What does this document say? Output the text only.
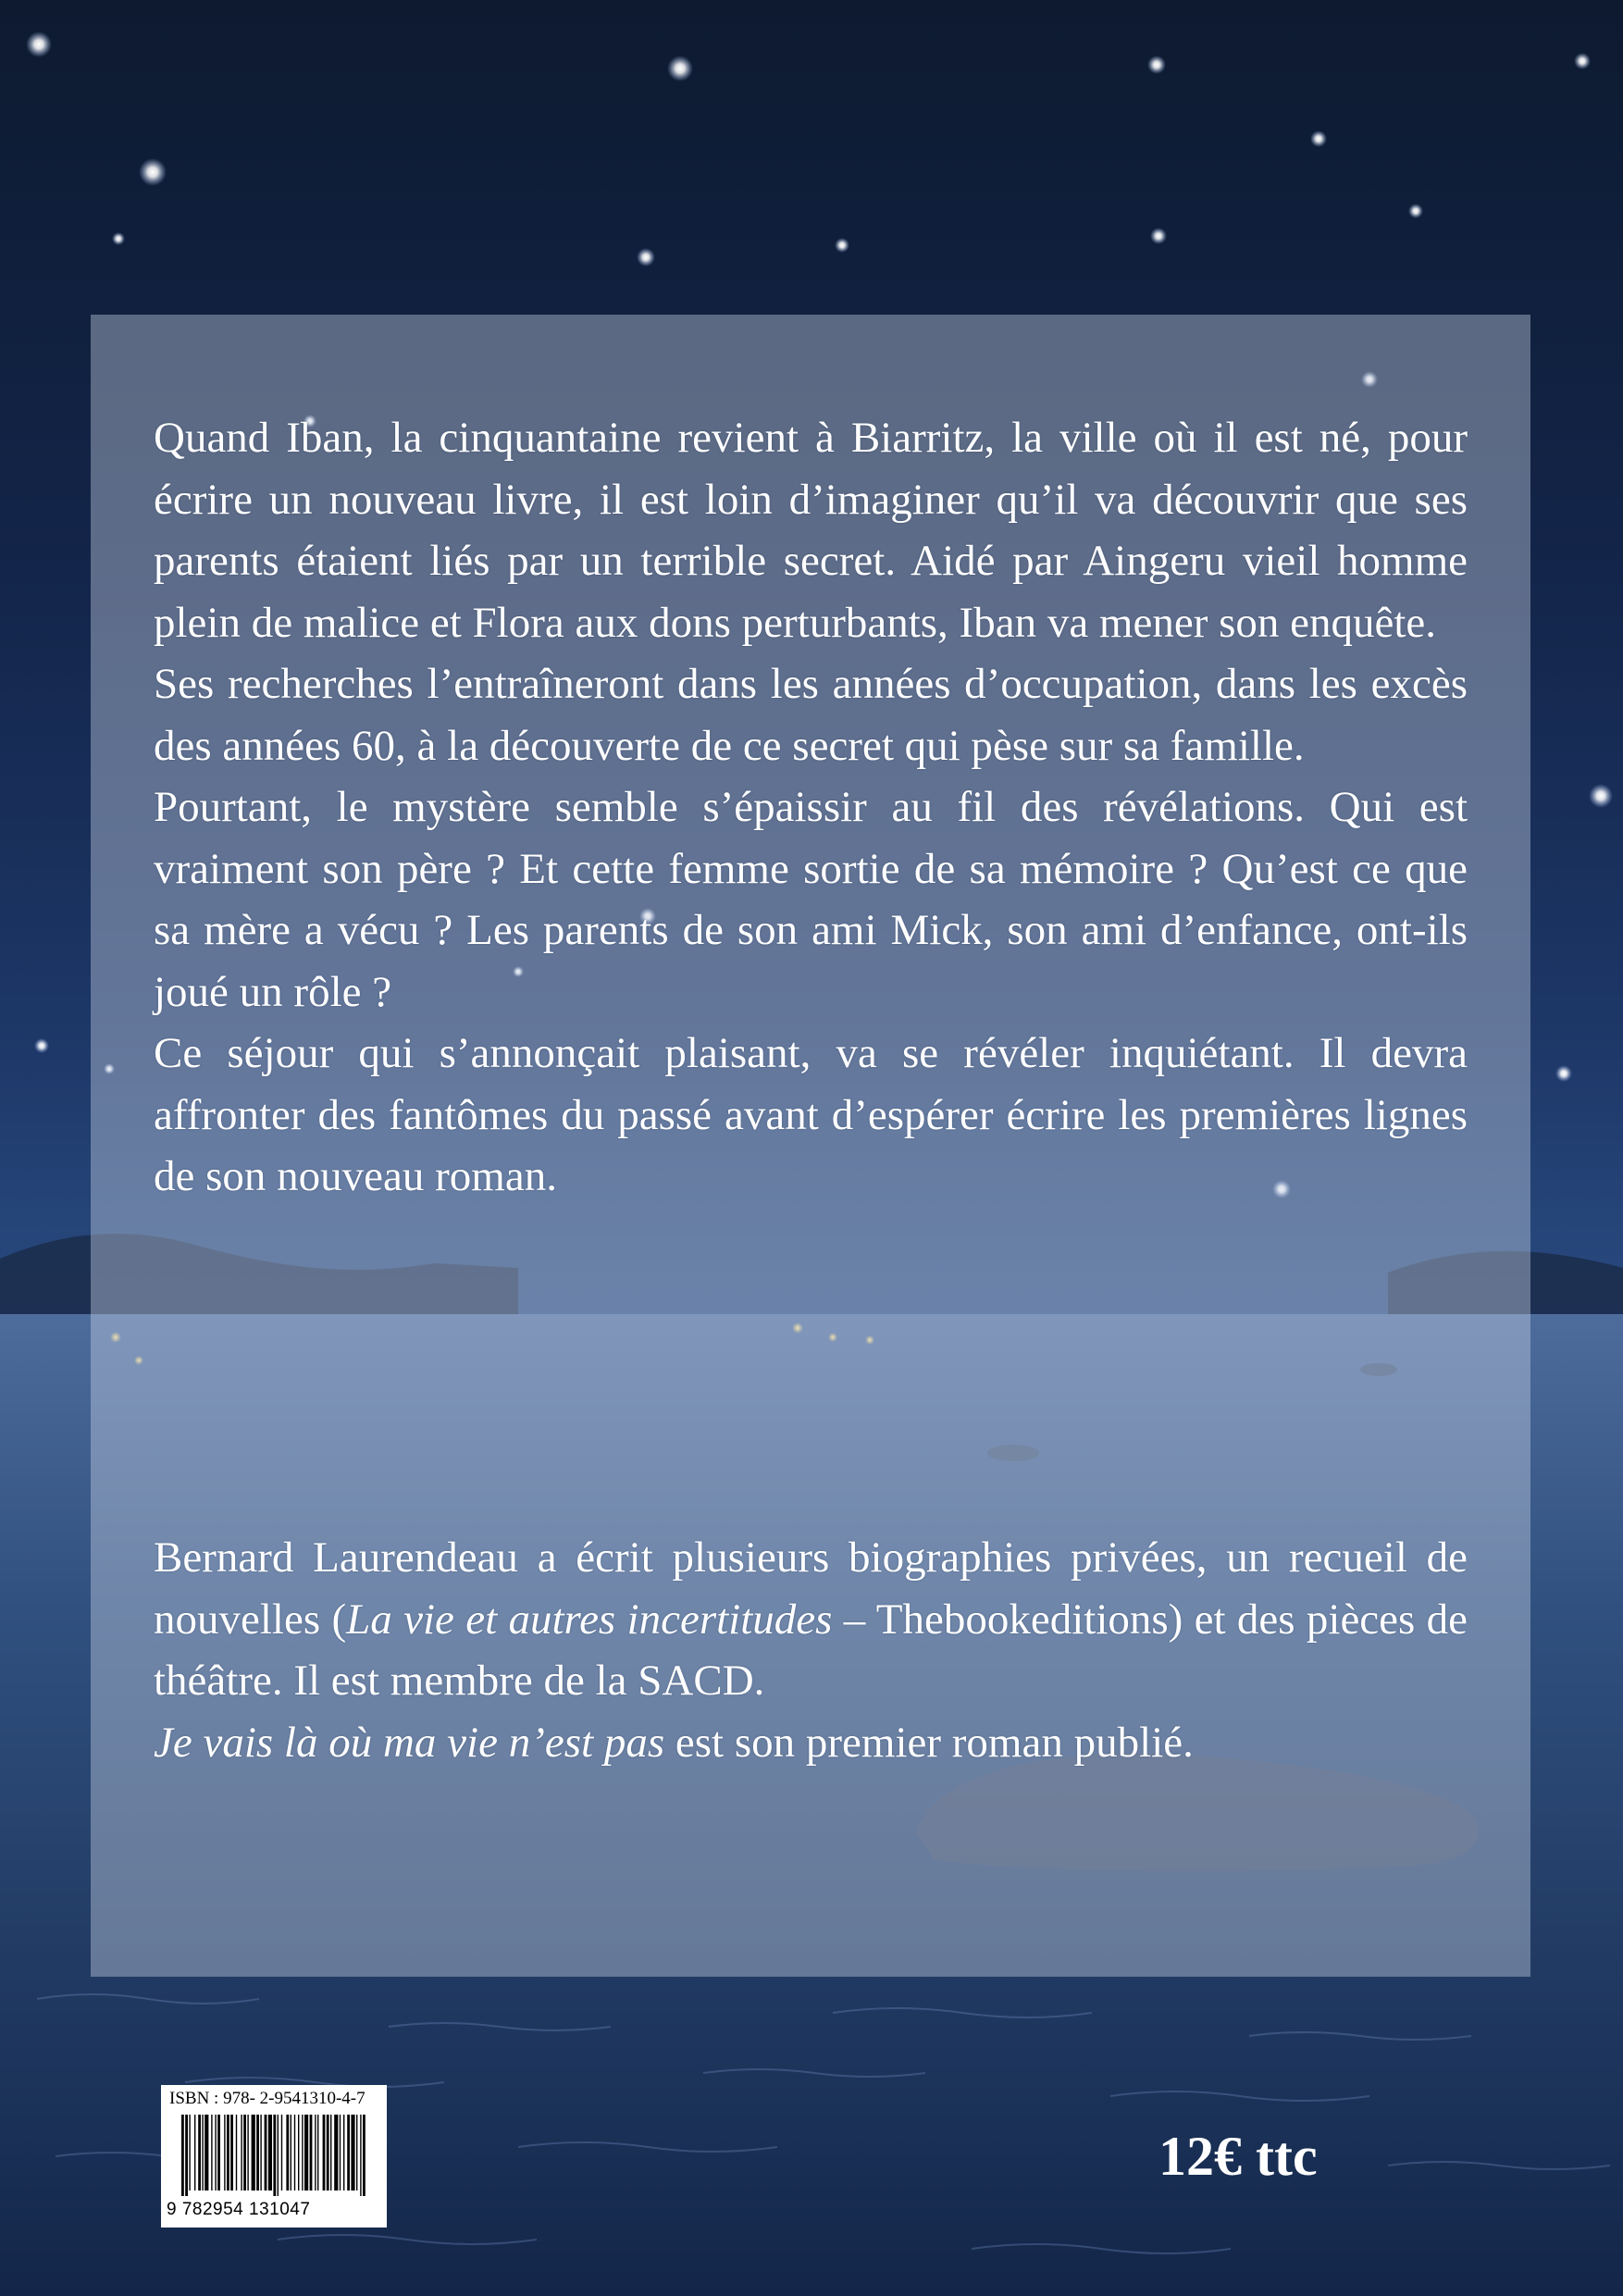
Quand Iban, la cinquantaine revient à Biarritz, la ville où il est né, pour écrire un nouveau livre, il est loin d’imaginer qu’il va découvrir que ses parents étaient liés par un terrible secret. Aidé par Aingeru vieil homme plein de malice et Flora aux dons perturbants, Iban va mener son enquête.
Ses recherches l’entraîneront dans les années d’occupation, dans les excès des années 60, à la découverte de ce secret qui pèse sur sa famille.
Pourtant, le mystère semble s’épaissir au fil des révélations. Qui est vraiment son père ? Et cette femme sortie de sa mémoire ? Qu’est ce que sa mère a vécu ? Les parents de son ami Mick, son ami d’enfance, ont-ils joué un rôle ?
Ce séjour qui s’annonçait plaisant, va se révéler inquiétant. Il devra affronter des fantômes du passé avant d’espérer écrire les premières lignes de son nouveau roman.

Bernard Laurendeau a écrit plusieurs biographies privées, un recueil de nouvelles (La vie et autres incertitudes – Thebookeditions) et des pièces de théâtre. Il est membre de la SACD.
Je vais là où ma vie n’est pas est son premier roman publié.

ISBN : 978- 2-9541310-4-7
9 782954 131047
12€ ttc
